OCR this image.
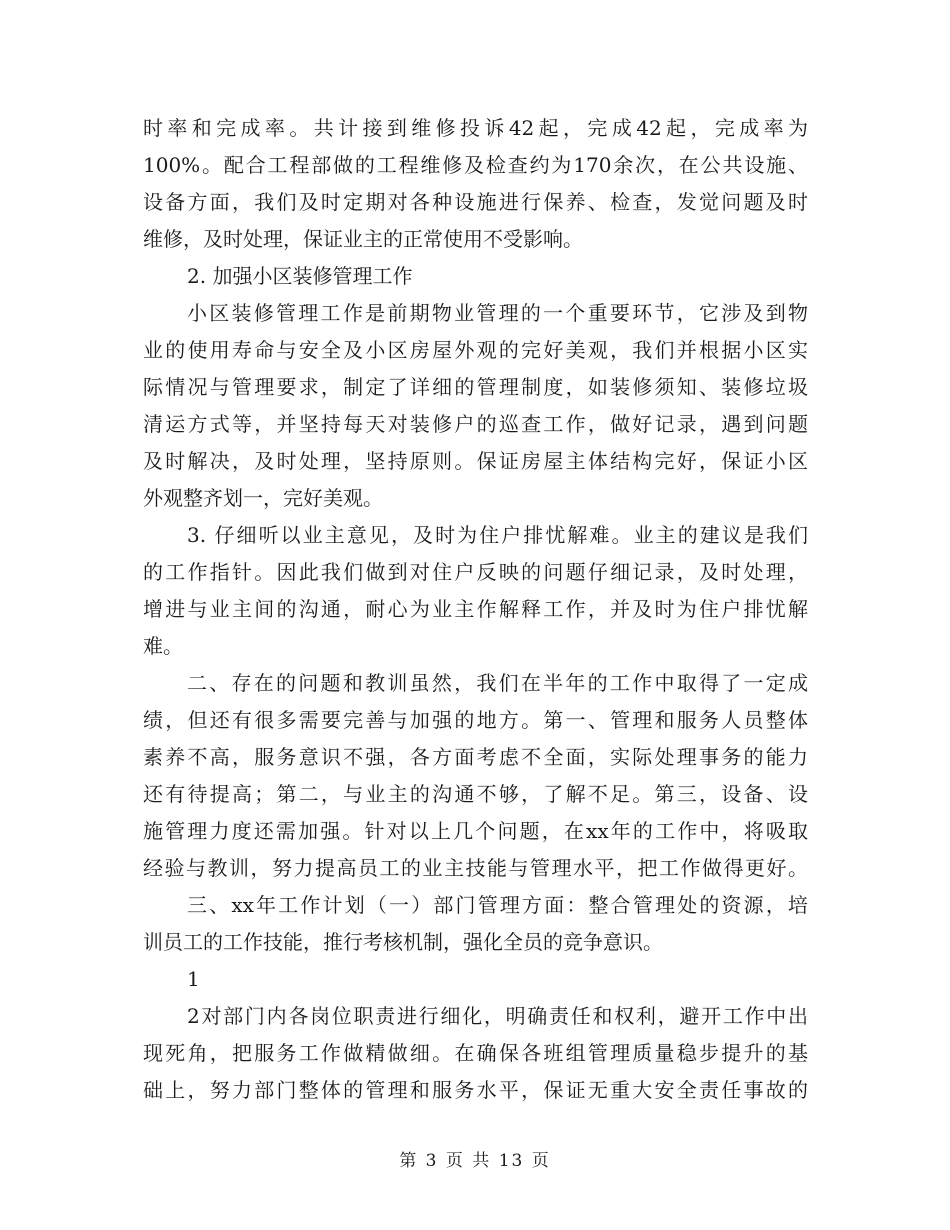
时率和完成率。共计接到维修投诉42起，完成42起，完成率为
100%。配合工程部做的工程维修及检查约为170余次，在公共设施、
设备方面，我们及时定期对各种设施进行保养、检查，发觉问题及时
维修，及时处理，保证业主的正常使用不受影响。
2. 加强小区装修管理工作
小区装修管理工作是前期物业管理的一个重要环节，它涉及到物
业的使用寿命与安全及小区房屋外观的完好美观，我们并根据小区实
际情况与管理要求，制定了详细的管理制度，如装修须知、装修垃圾
清运方式等，并坚持每天对装修户的巡查工作，做好记录，遇到问题
及时解决，及时处理，坚持原则。保证房屋主体结构完好，保证小区
外观整齐划一，完好美观。
3. 仔细听以业主意见，及时为住户排忧解难。业主的建议是我们
的工作指针。因此我们做到对住户反映的问题仔细记录，及时处理，
增进与业主间的沟通，耐心为业主作解释工作，并及时为住户排忧解
难。
二、存在的问题和教训虽然，我们在半年的工作中取得了一定成
绩，但还有很多需要完善与加强的地方。第一、管理和服务人员整体
素养不高，服务意识不强，各方面考虑不全面，实际处理事务的能力
还有待提高；第二，与业主的沟通不够，了解不足。第三，设备、设
施管理力度还需加强。针对以上几个问题，在xx年的工作中，将吸取
经验与教训，努力提高员工的业主技能与管理水平，把工作做得更好。
三、xx年工作计划（一）部门管理方面：整合管理处的资源，培
训员工的工作技能，推行考核机制，强化全员的竞争意识。
1
2对部门内各岗位职责进行细化，明确责任和权利，避开工作中出
现死角，把服务工作做精做细。在确保各班组管理质量稳步提升的基
础上，努力部门整体的管理和服务水平，保证无重大安全责任事故的
第 3 页 共 13 页
